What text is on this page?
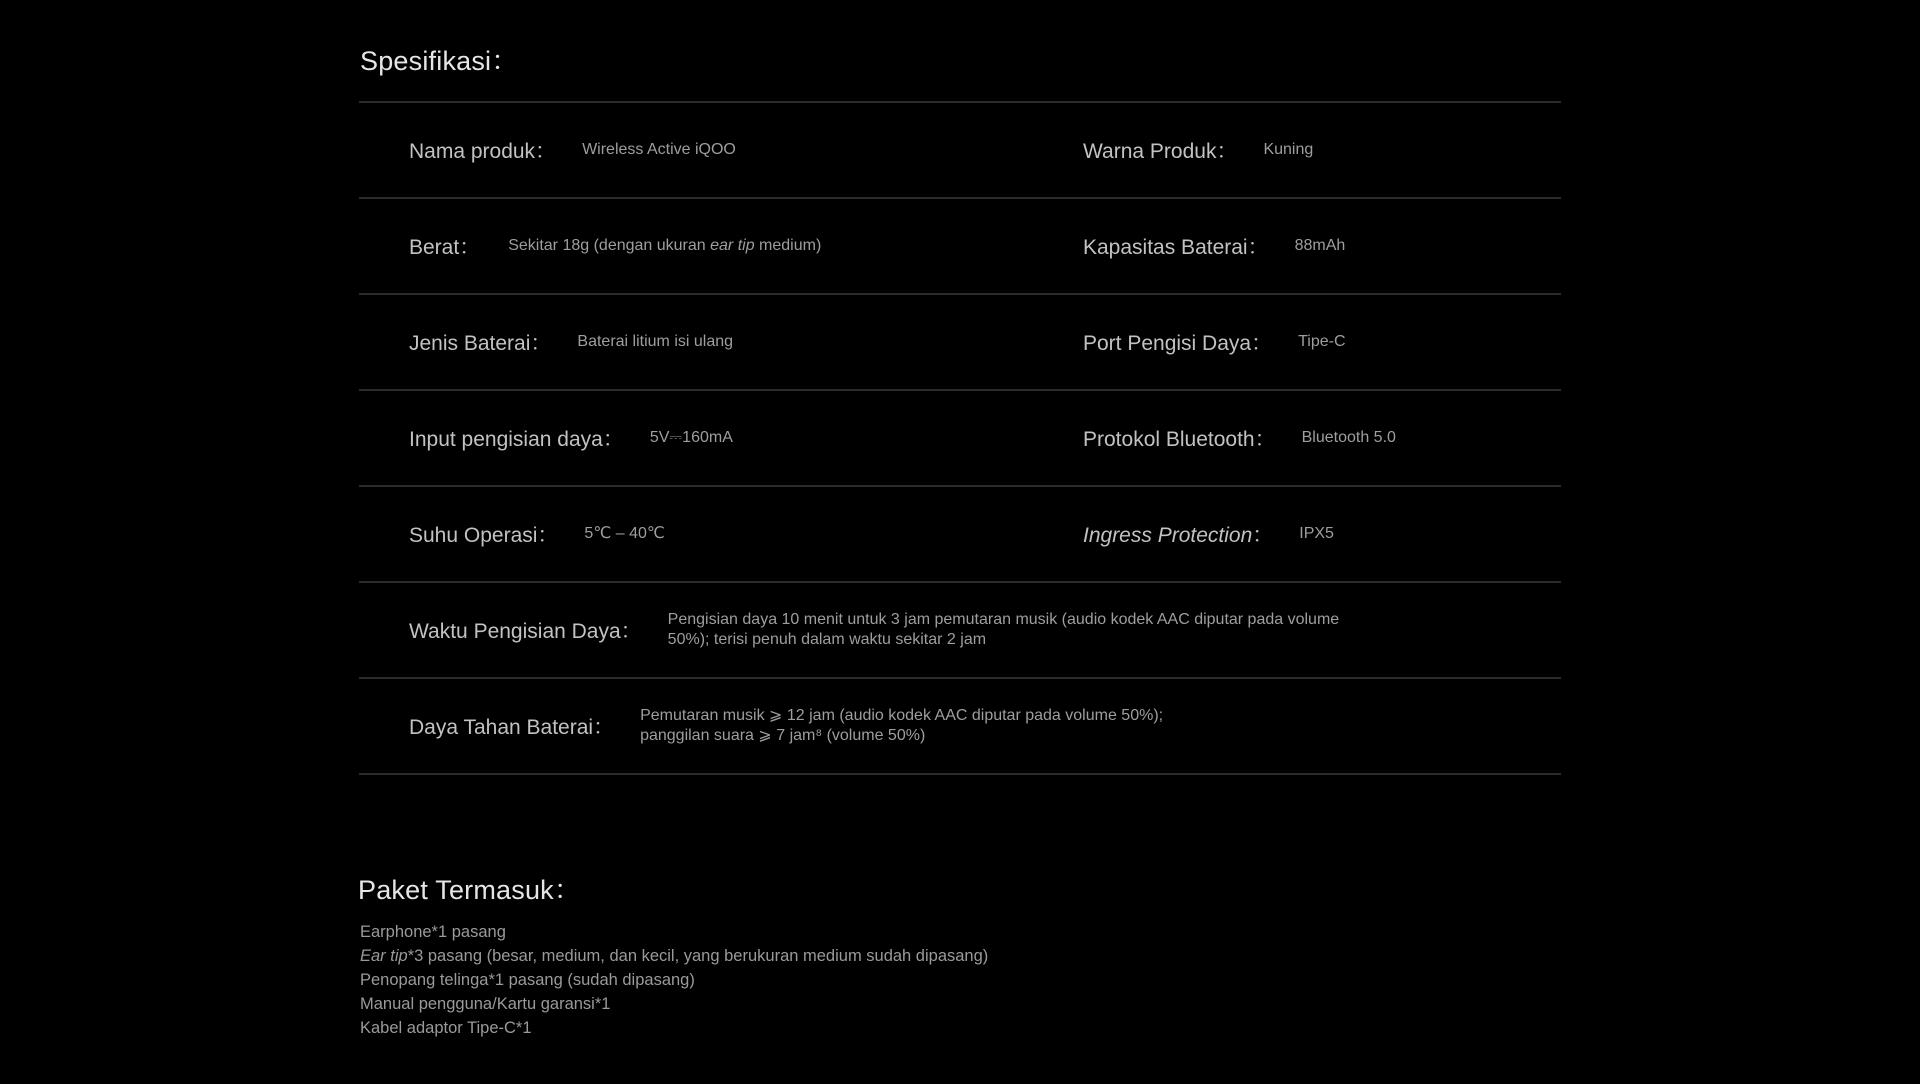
Spesifikasi：
Nama produk： Wireless Active iQOO	Warna Produk： Kuning
Berat： Sekitar 18g (dengan ukuran ear tip medium)	Kapasitas Baterai： 88mAh
Jenis Baterai： Baterai litium isi ulang	Port Pengisi Daya： Tipe-C
Input pengisian daya： 5V⎓160mA	Protokol Bluetooth： Bluetooth 5.0
Suhu Operasi： 5℃ – 40℃	Ingress Protection： IPX5
Waktu Pengisian Daya：
Pengisian daya 10 menit untuk 3 jam pemutaran musik (audio kodek AAC diputar pada volume 50%); terisi penuh dalam waktu sekitar 2 jam
Daya Tahan Baterai：
Pemutaran musik ⩾ 12 jam (audio kodek AAC diputar pada volume 50%);
panggilan suara ⩾ 7 jam⁸ (volume 50%)
Paket Termasuk：
Earphone*1 pasang
Ear tip*3 pasang (besar, medium, dan kecil, yang berukuran medium sudah dipasang)
Penopang telinga*1 pasang (sudah dipasang)
Manual pengguna/Kartu garansi*1
Kabel adaptor Tipe-C*1
